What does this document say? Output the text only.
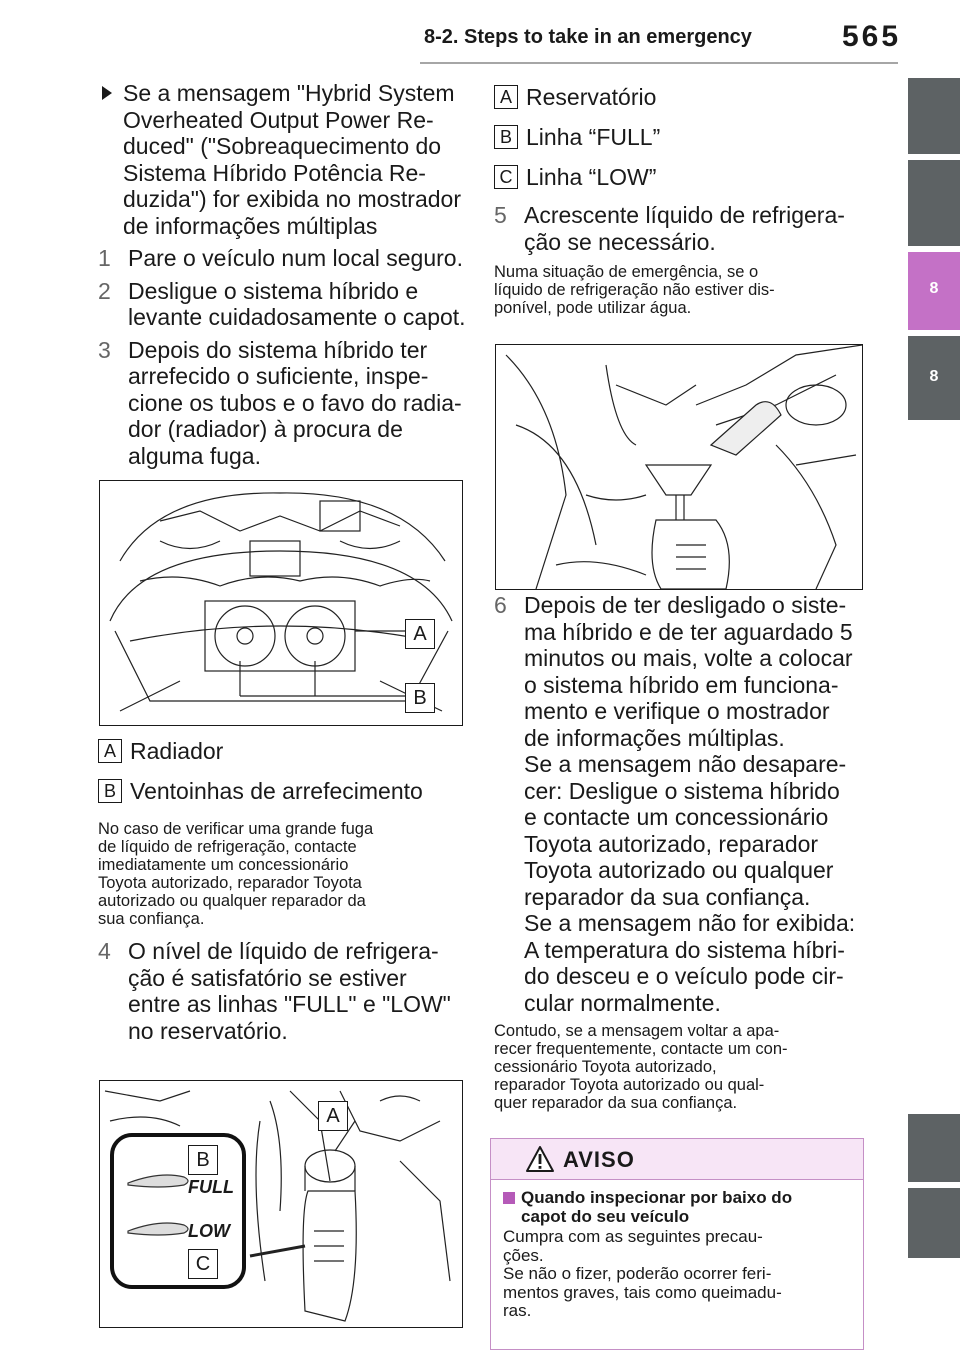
8-2. Steps to take in an emergency	565
8
8
Se a mensagem "Hybrid System
Overheated Output Power Re-
duced" ("Sobreaquecimento do
Sistema Híbrido Potência Re-
duzida") for exibida no mostrador
de informações múltiplas
1 Pare o veículo num local seguro.
2 Desligue o sistema híbrido e
levante cuidadosamente o capot.
3 Depois do sistema híbrido ter
arrefecido o suficiente, inspe-
cione os tubos e o favo do radia-
dor (radiador) à procura de
alguma fuga.
A
B
A Radiador
B Ventoinhas de arrefecimento
No caso de verificar uma grande fuga
de líquido de refrigeração, contacte
imediatamente um concessionário
Toyota autorizado, reparador Toyota
autorizado ou qualquer reparador da
sua confiança.
4 O nível de líquido de refrigera-
ção é satisfatório se estiver
entre as linhas "FULL" e "LOW"
no reservatório.
A
B
C
FULL
LOW
A Reservatório
B Linha “FULL”
C Linha “LOW”
5 Acrescente líquido de refrigera-
ção se necessário.
Numa situação de emergência, se o
líquido de refrigeração não estiver dis-
ponível, pode utilizar água.
6 Depois de ter desligado o siste-
ma híbrido e de ter aguardado 5
minutos ou mais, volte a colocar
o sistema híbrido em funciona-
mento e verifique o mostrador
de informações múltiplas.
Se a mensagem não desapare-
cer: Desligue o sistema híbrido
e contacte um concessionário
Toyota autorizado, reparador
Toyota autorizado ou qualquer
reparador da sua confiança.
Se a mensagem não for exibida:
A temperatura do sistema híbri-
do desceu e o veículo pode cir-
cular normalmente.
Contudo, se a mensagem voltar a apa-
recer frequentemente, contacte um con-
cessionário Toyota autorizado,
reparador Toyota autorizado ou qual-
quer reparador da sua confiança.
AVISO
Quando inspecionar por baixo do
capot do seu veículo
Cumpra com as seguintes precau-
ções.
Se não o fizer, poderão ocorrer feri-
mentos graves, tais como queimadu-
ras.
